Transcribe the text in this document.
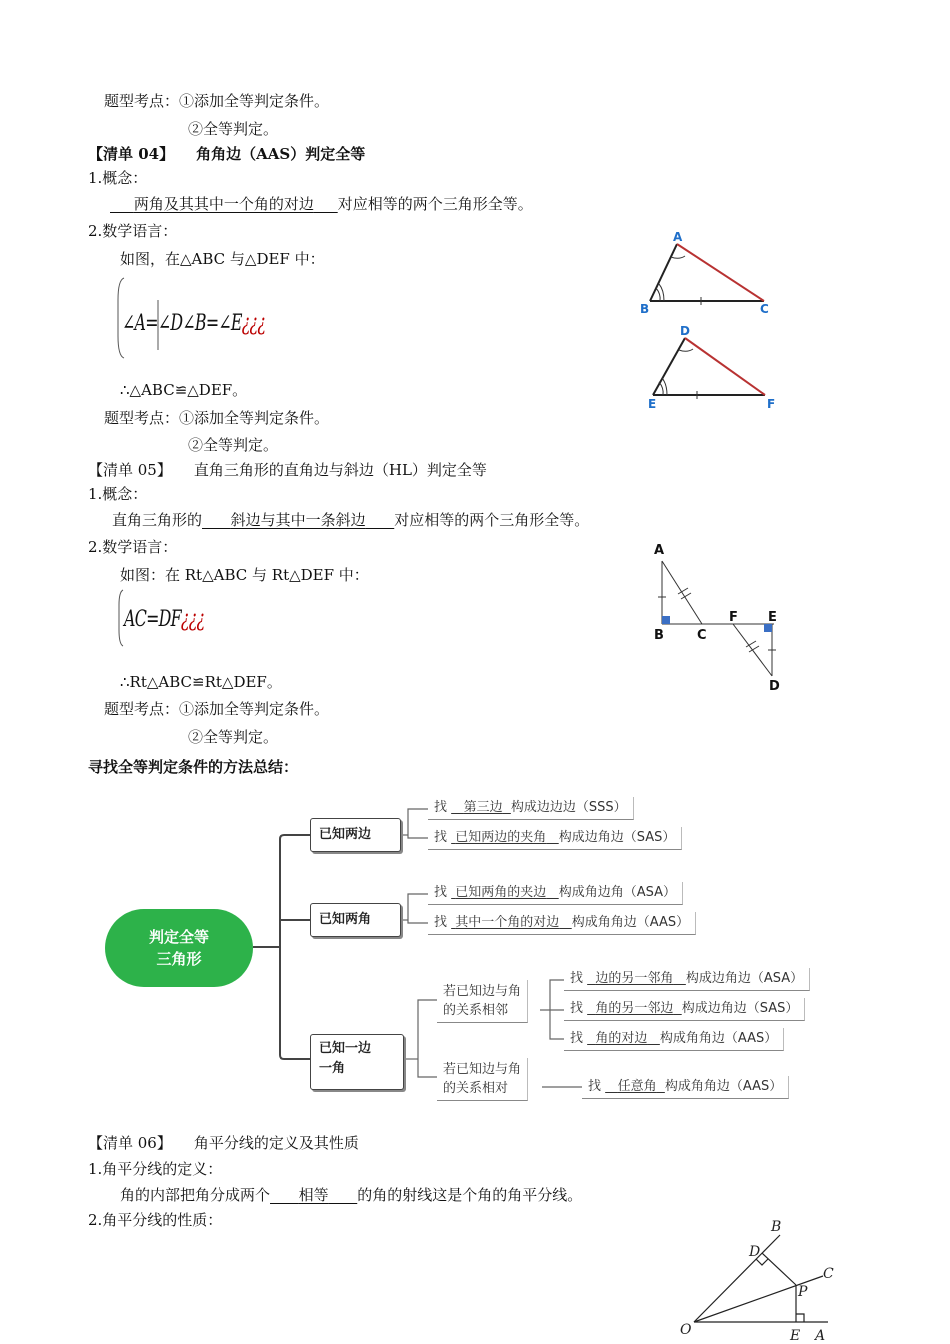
题型考点：①添加全等判定条件。
②全等判定。
【清单 04】 角角边（AAS）判定全等
1.概念：
两角及其其中一个角的对边 对应相等的两个三角形全等。
2.数学语言：
如图，在△ABC 与△DEF 中：
∠A=∠D∠B=∠E¿¿¿
∴△ABC≌△DEF。
题型考点：①添加全等判定条件。
②全等判定。
A
B	C
D
E	F
【清单 05】 直角三角形的直角边与斜边（HL）判定全等
1.概念：
直角三角形的 斜边与其中一条斜边 对应相等的两个三角形全等。
2.数学语言：
如图：在 Rt△ABC 与 Rt△DEF 中：
AC=DF¿¿¿
∴Rt△ABC≌Rt△DEF。
题型考点：①添加全等判定条件。
②全等判定。
A
B	C
F E
D
寻找全等判定条件的方法总结：
判定全等
三角形
已知两边
已知两角
已知一边
一角
若已知边与角
的关系相邻
若已知边与角
的关系相对
找 第三边 构成边边边（SSS）
找 已知两边的夹角 构成边角边（SAS）
找 已知两角的夹边 构成角边角（ASA）
找 其中一个角的对边 构成角角边（AAS）
找 边的另一邻角 构成边角边（ASA）
找 角的另一邻边 构成边角边（SAS）
找 角的对边 构成角角边（AAS）
找 任意角 构成角角边（AAS）
【清单 06】 角平分线的定义及其性质
1.角平分线的定义：
角的内部把角分成两个 相等 的角的射线这是个角的角平分线。
2.角平分线的性质：	B
D
C
P
O	E A
